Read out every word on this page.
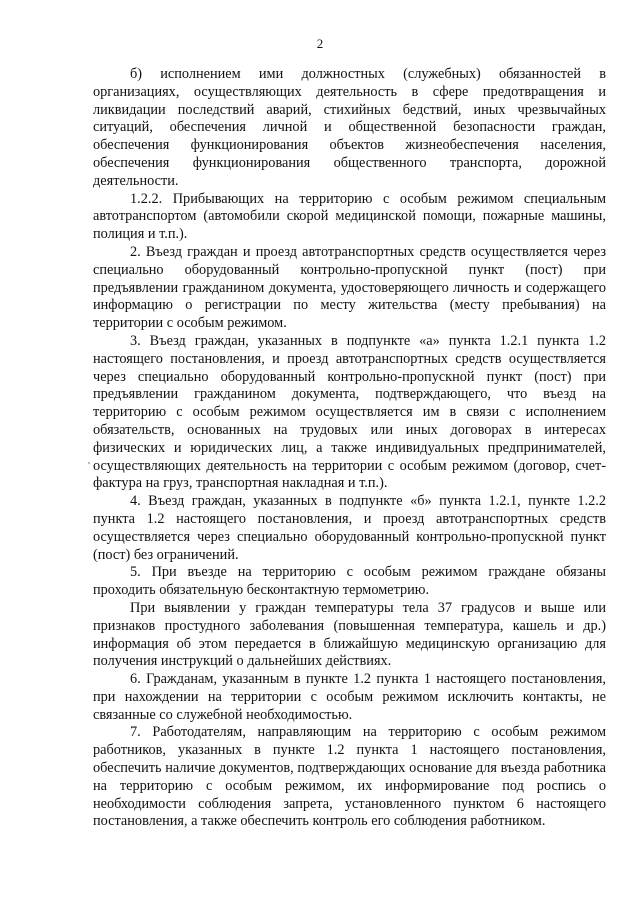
2

б) исполнением ими должностных (служебных) обязанностей в организациях, осуществляющих деятельность в сфере предотвращения и ликвидации последствий аварий, стихийных бедствий, иных чрезвычайных ситуаций, обеспечения личной и общественной безопасности граждан, обеспечения функционирования объектов жизнеобеспечения населения, обеспечения функционирования общественного транспорта, дорожной деятельности.

1.2.2. Прибывающих на территорию с особым режимом специальным автотранспортом (автомобили скорой медицинской помощи, пожарные машины, полиция и т.п.).

2. Въезд граждан и проезд автотранспортных средств осуществляется через специально оборудованный контрольно-пропускной пункт (пост) при предъявлении гражданином документа, удостоверяющего личность и содержащего информацию о регистрации по месту жительства (месту пребывания) на территории с особым режимом.

3. Въезд граждан, указанных в подпункте «а» пункта 1.2.1 пункта 1.2 настоящего постановления, и проезд автотранспортных средств осуществляется через специально оборудованный контрольно-пропускной пункт (пост) при предъявлении гражданином документа, подтверждающего, что въезд на территорию с особым режимом осуществляется им в связи с исполнением обязательств, основанных на трудовых или иных договорах в интересах физических и юридических лиц, а также индивидуальных предпринимателей, осуществляющих деятельность на территории с особым режимом (договор, счет-фактура на груз, транспортная накладная и т.п.).

4. Въезд граждан, указанных в подпункте «б» пункта 1.2.1, пункте 1.2.2 пункта 1.2 настоящего постановления, и проезд автотранспортных средств осуществляется через специально оборудованный контрольно-пропускной пункт (пост) без ограничений.

5. При въезде на территорию с особым режимом граждане обязаны проходить обязательную бесконтактную термометрию.

При выявлении у граждан температуры тела 37 градусов и выше или признаков простудного заболевания (повышенная температура, кашель и др.) информация об этом передается в ближайшую медицинскую организацию для получения инструкций о дальнейших действиях.

6. Гражданам, указанным в пункте 1.2 пункта 1 настоящего постановления, при нахождении на территории с особым режимом исключить контакты, не связанные со служебной необходимостью.

7. Работодателям, направляющим на территорию с особым режимом работников, указанных в пункте 1.2 пункта 1 настоящего постановления, обеспечить наличие документов, подтверждающих основание для въезда работника на территорию с особым режимом, их информирование под роспись о необходимости соблюдения запрета, установленного пунктом 6 настоящего постановления, а также обеспечить контроль его соблюдения работником.
